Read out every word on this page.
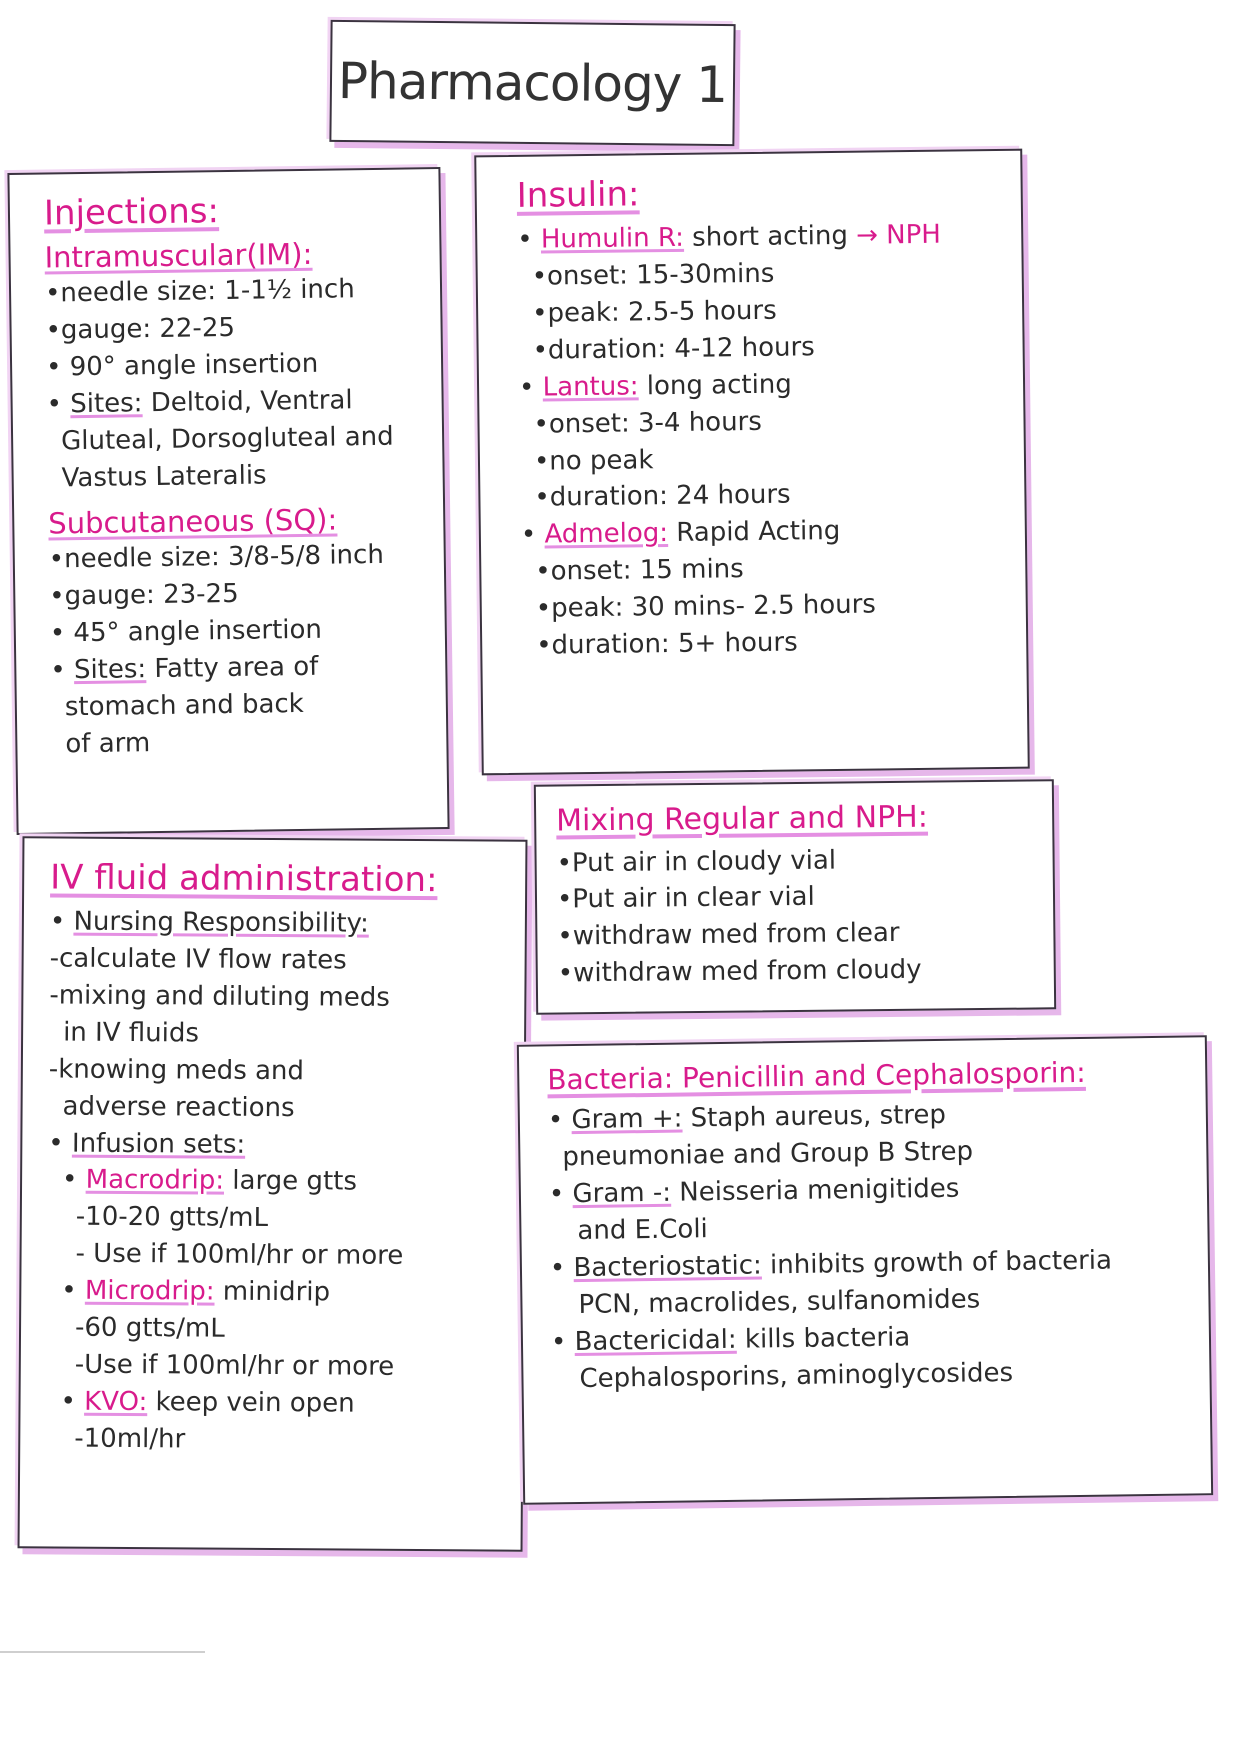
Pharmacology 1
Injections:
Intramuscular(IM):
•needle size: 1-1½ inch
•gauge: 22-25
• 90° angle insertion
• Sites: Deltoid, Ventral
Gluteal, Dorsogluteal and
Vastus Lateralis
Subcutaneous (SQ):
•needle size: 3/8-5/8 inch
•gauge: 23-25
• 45° angle insertion
• Sites: Fatty area of
stomach and back
of arm
Insulin:
• Humulin R: short acting → NPH
•onset: 15-30mins
•peak: 2.5-5 hours
•duration: 4-12 hours
• Lantus: long acting
•onset: 3-4 hours
•no peak
•duration: 24 hours
• Admelog: Rapid Acting
•onset: 15 mins
•peak: 30 mins- 2.5 hours
•duration: 5+ hours
IV fluid administration:
• Nursing Responsibility:
-calculate IV flow rates
-mixing and diluting meds
in IV fluids
-knowing meds and
adverse reactions
• Infusion sets:
• Macrodrip: large gtts
-10-20 gtts/mL
- Use if 100ml/hr or more
• Microdrip: minidrip
-60 gtts/mL
-Use if 100ml/hr or more
• KVO: keep vein open
-10ml/hr
Mixing Regular and NPH:
•Put air in cloudy vial
•Put air in clear vial
•withdraw med from clear
•withdraw med from cloudy
Bacteria: Penicillin and Cephalosporin:
• Gram +: Staph aureus, strep
pneumoniae and Group B Strep
• Gram -: Neisseria menigitides
and E.Coli
• Bacteriostatic: inhibits growth of bacteria
PCN, macrolides, sulfanomides
• Bactericidal: kills bacteria
Cephalosporins, aminoglycosides
